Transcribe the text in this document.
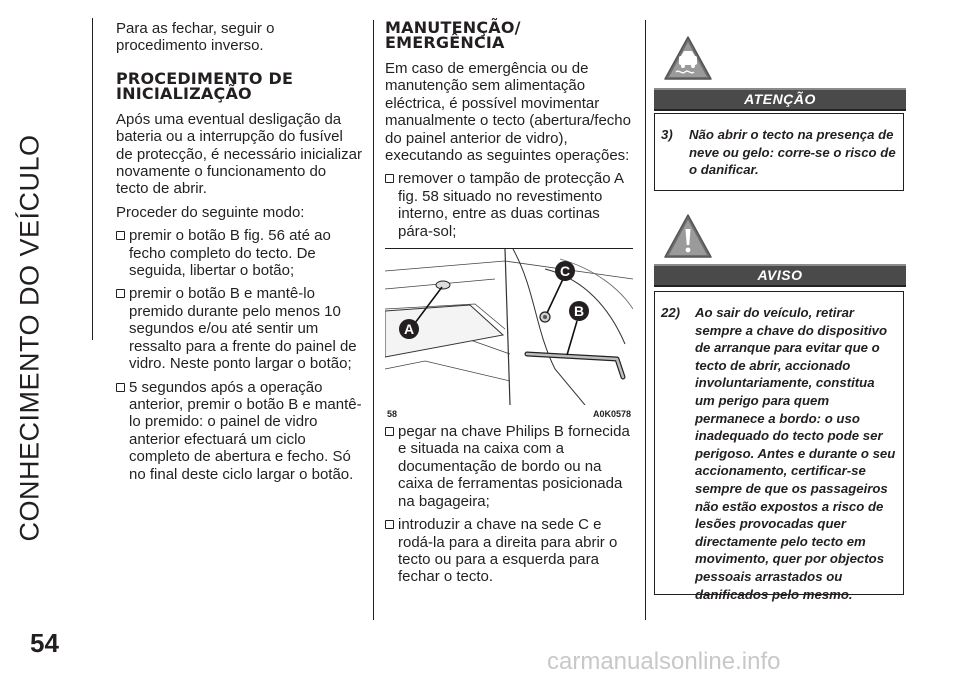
CONHECIMENTO DO VEÍCULO
54
carmanualsonline.info

Para as fechar, seguir o procedimento inverso.

PROCEDIMENTO DE INICIALIZAÇÃO

Após uma eventual desligação da bateria ou a interrupção do fusível de protecção, é necessário inicializar novamente o funcionamento do tecto de abrir.

Proceder do seguinte modo:

premir o botão B fig. 56 até ao fecho completo do tecto. De seguida, libertar o botão;
premir o botão B e mantê-lo premido durante pelo menos 10 segundos e/ou até sentir um ressalto para a frente do painel de vidro. Neste ponto largar o botão;
5 segundos após a operação anterior, premir o botão B e mantê-lo premido: o painel de vidro anterior efectuará um ciclo completo de abertura e fecho. Só no final deste ciclo largar o botão.
MANUTENÇÃO/ EMERGÊNCIA

Em caso de emergência ou de manutenção sem alimentação eléctrica, é possível movimentar manualmente o tecto (abertura/fecho do painel anterior de vidro), executando as seguintes operações:

remover o tampão de protecção A fig. 58 situado no revestimento interno, entre as duas cortinas pára-sol;
A
B
C
58	A0K0578
pegar na chave Philips B fornecida e situada na caixa com a documentação de bordo ou na caixa de ferramentas posicionada na bagageira;
introduzir a chave na sede C e rodá-la para a direita para abrir o tecto ou para a esquerda para fechar o tecto.
ATENÇÃO
3) Não abrir o tecto na presença de neve ou gelo: corre-se o risco de o danificar.
AVISO
22) Ao sair do veículo, retirar sempre a chave do dispositivo de arranque para evitar que o tecto de abrir, accionado involuntariamente, constitua um perigo para quem permanece a bordo: o uso inadequado do tecto pode ser perigoso. Antes e durante o seu accionamento, certificar-se sempre de que os passageiros não estão expostos a risco de lesões provocadas quer directamente pelo tecto em movimento, quer por objectos pessoais arrastados ou danificados pelo mesmo.
